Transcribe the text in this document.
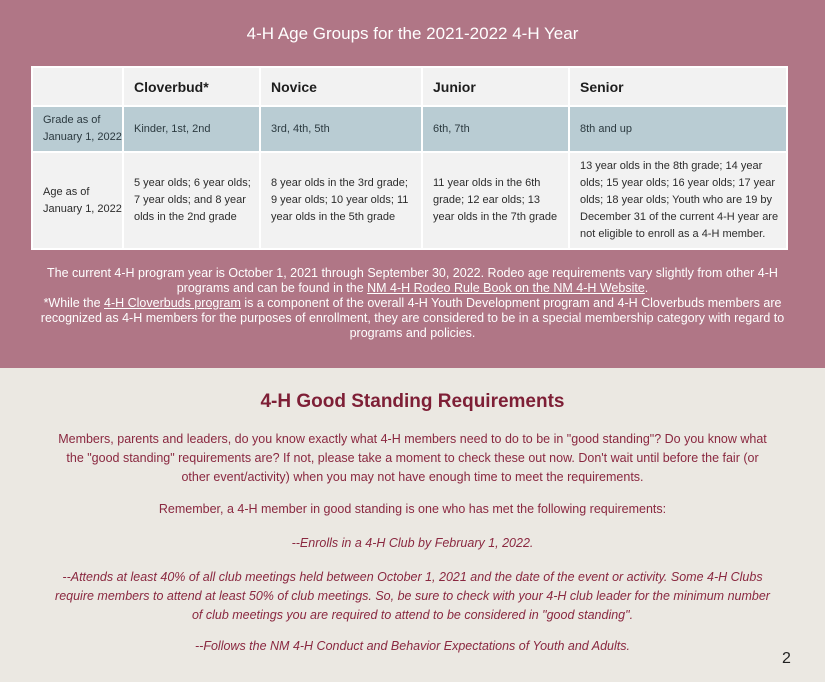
4-H Age Groups for the 2021-2022 4-H Year
	Cloverbud*	Novice	Junior	Senior
Grade as of January 1, 2022	Kinder, 1st, 2nd	3rd, 4th, 5th	6th, 7th	8th and up
Age as of January 1, 2022	5 year olds; 6 year olds; 7 year olds; and 8 year olds in the 2nd grade	8 year olds in the 3rd grade; 9 year olds; 10 year olds; 11 year olds in the 5th grade	11 year olds in the 6th grade; 12 ear olds; 13 year olds in the 7th grade	13 year olds in the 8th grade; 14 year olds; 15 year olds; 16 year olds; 17 year olds; 18 year olds; Youth who are 19 by December 31 of the current 4-H year are not eligible to enroll as a 4-H member.
The current 4-H program year is October 1, 2021 through September 30, 2022. Rodeo age requirements vary slightly from other 4-H programs and can be found in the NM 4-H Rodeo Rule Book on the NM 4-H Website.
*While the 4-H Cloverbuds program is a component of the overall 4-H Youth Development program and 4-H Cloverbuds members are recognized as 4-H members for the purposes of enrollment, they are considered to be in a special membership category with regard to programs and policies.
4-H Good Standing Requirements
Members, parents and leaders, do you know exactly what 4-H members need to do to be in "good standing"? Do you know what the "good standing" requirements are? If not, please take a moment to check these out now. Don't wait until before the fair (or other event/activity) when you may not have enough time to meet the requirements.
Remember, a 4-H member in good standing is one who has met the following requirements:
--Enrolls in a 4-H Club by February 1, 2022.
--Attends at least 40% of all club meetings held between October 1, 2021 and the date of the event or activity. Some 4-H Clubs require members to attend at least 50% of club meetings. So, be sure to check with your 4-H club leader for the minimum number of club meetings you are required to attend to be considered in "good standing".
--Follows the NM 4-H Conduct and Behavior Expectations of Youth and Adults.
2
